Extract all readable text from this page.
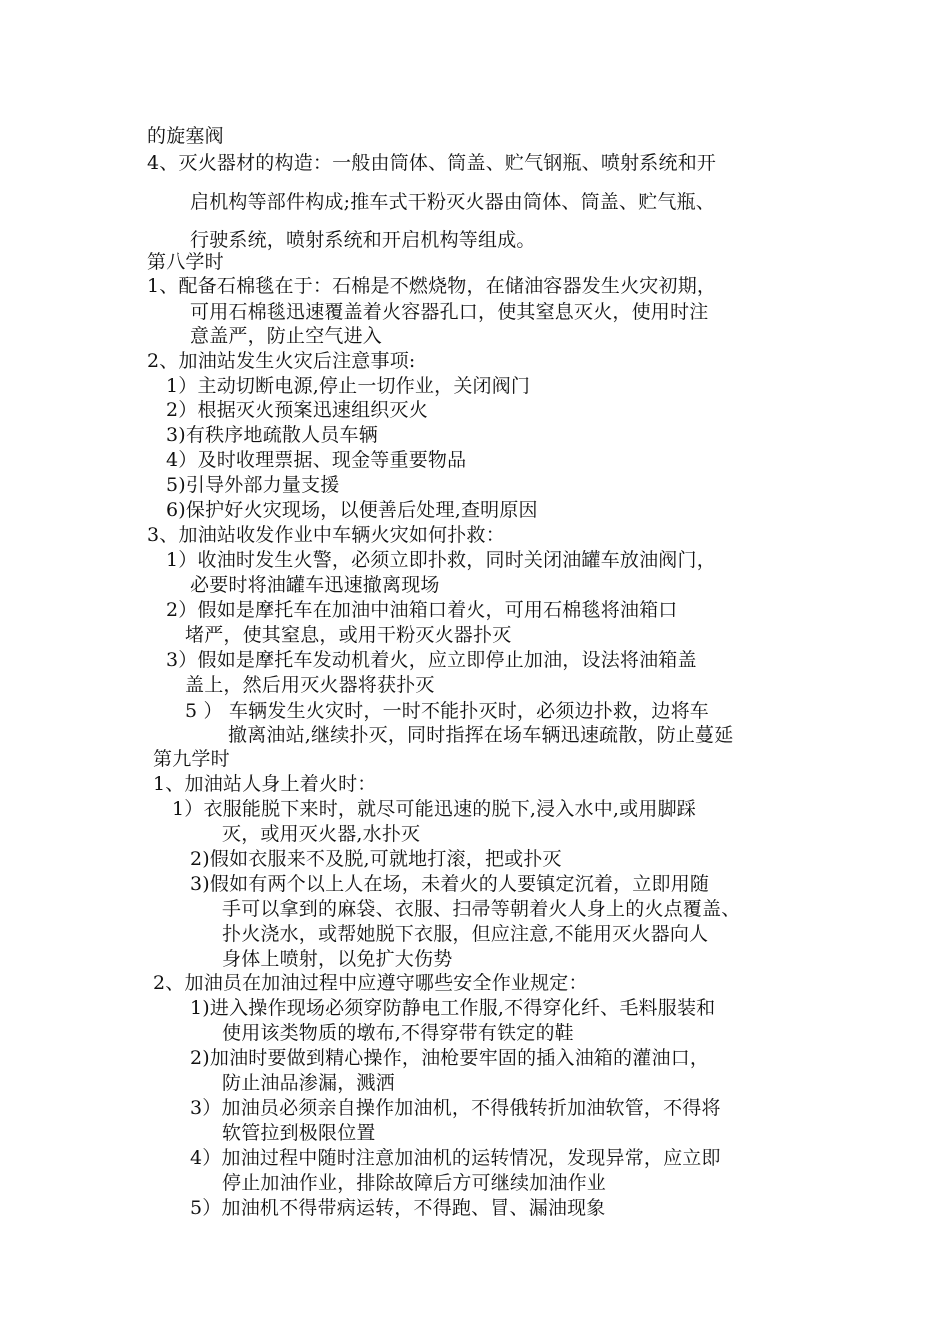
的旋塞阀
4、灭火器材的构造：一般由筒体、筒盖、贮气钢瓶、喷射系统和开
启机构等部件构成;推车式干粉灭火器由筒体、筒盖、贮气瓶、
行驶系统，喷射系统和开启机构等组成。
第八学时
1、配备石棉毯在于：石棉是不燃烧物，在储油容器发生火灾初期，
可用石棉毯迅速覆盖着火容器孔口，使其窒息灭火，使用时注
意盖严，防止空气进入
2、加油站发生火灾后注意事项:
1）主动切断电源,停止一切作业，关闭阀门
2）根据灭火预案迅速组织灭火
3)有秩序地疏散人员车辆
4）及时收理票据、现金等重要物品
5)引导外部力量支援
6)保护好火灾现场，以便善后处理,查明原因
3、加油站收发作业中车辆火灾如何扑救：
1）收油时发生火警，必须立即扑救，同时关闭油罐车放油阀门，
必要时将油罐车迅速撤离现场
2）假如是摩托车在加油中油箱口着火，可用石棉毯将油箱口
堵严，使其窒息，或用干粉灭火器扑灭
3）假如是摩托车发动机着火，应立即停止加油，设法将油箱盖
盖上，然后用灭火器将获扑灭
5 ） 车辆发生火灾时，一时不能扑灭时，必须边扑救，边将车
撤离油站,继续扑灭，同时指挥在场车辆迅速疏散，防止蔓延
第九学时
1、加油站人身上着火时：
1）衣服能脱下来时，就尽可能迅速的脱下,浸入水中,或用脚踩
灭，或用灭火器,水扑灭
2)假如衣服来不及脱,可就地打滚，把或扑灭
3)假如有两个以上人在场，未着火的人要镇定沉着，立即用随
手可以拿到的麻袋、衣服、扫帚等朝着火人身上的火点覆盖、
扑火浇水，或帮她脱下衣服，但应注意,不能用灭火器向人
身体上喷射，以免扩大伤势
2、加油员在加油过程中应遵守哪些安全作业规定：
1)进入操作现场必须穿防静电工作服,不得穿化纤、毛料服装和
使用该类物质的墩布,不得穿带有铁定的鞋
2)加油时要做到精心操作，油枪要牢固的插入油箱的灌油口，
防止油品渗漏，溅洒
3）加油员必须亲自操作加油机，不得俄转折加油软管，不得将
软管拉到极限位置
4）加油过程中随时注意加油机的运转情况，发现异常，应立即
停止加油作业，排除故障后方可继续加油作业
5）加油机不得带病运转，不得跑、冒、漏油现象
